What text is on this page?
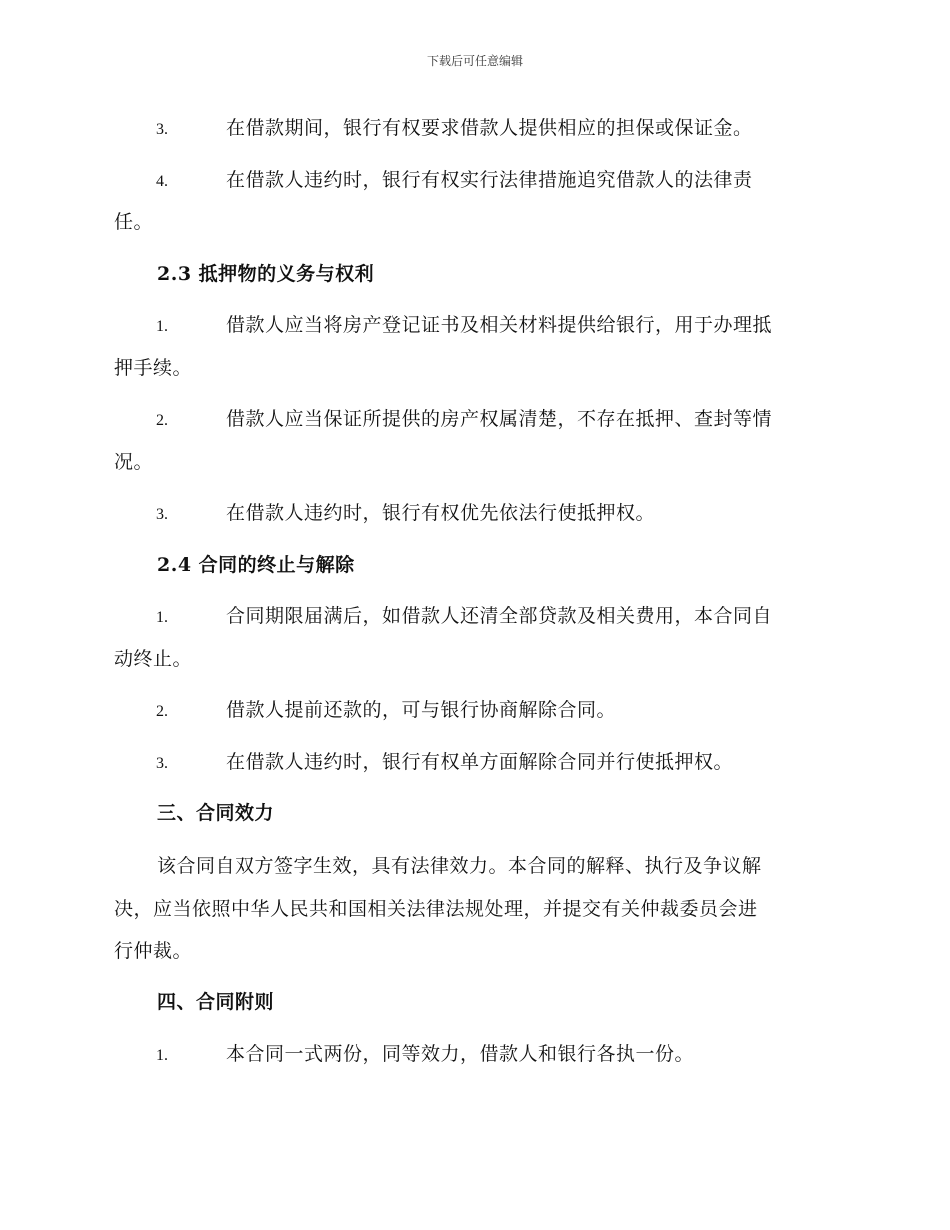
下载后可任意编辑
3.	在借款期间，银行有权要求借款人提供相应的担保或保证金。
4.	在借款人违约时，银行有权实行法律措施追究借款人的法律责
任。
2.3 抵押物的义务与权利
1.	借款人应当将房产登记证书及相关材料提供给银行，用于办理抵
押手续。
2.	借款人应当保证所提供的房产权属清楚，不存在抵押、查封等情
况。
3.	在借款人违约时，银行有权优先依法行使抵押权。
2.4 合同的终止与解除
1.	合同期限届满后，如借款人还清全部贷款及相关费用，本合同自
动终止。
2.	借款人提前还款的，可与银行协商解除合同。
3.	在借款人违约时，银行有权单方面解除合同并行使抵押权。
三、合同效力
该合同自双方签字生效，具有法律效力。本合同的解释、执行及争议解
决，应当依照中华人民共和国相关法律法规处理，并提交有关仲裁委员会进
行仲裁。
四、合同附则
1.	本合同一式两份，同等效力，借款人和银行各执一份。
